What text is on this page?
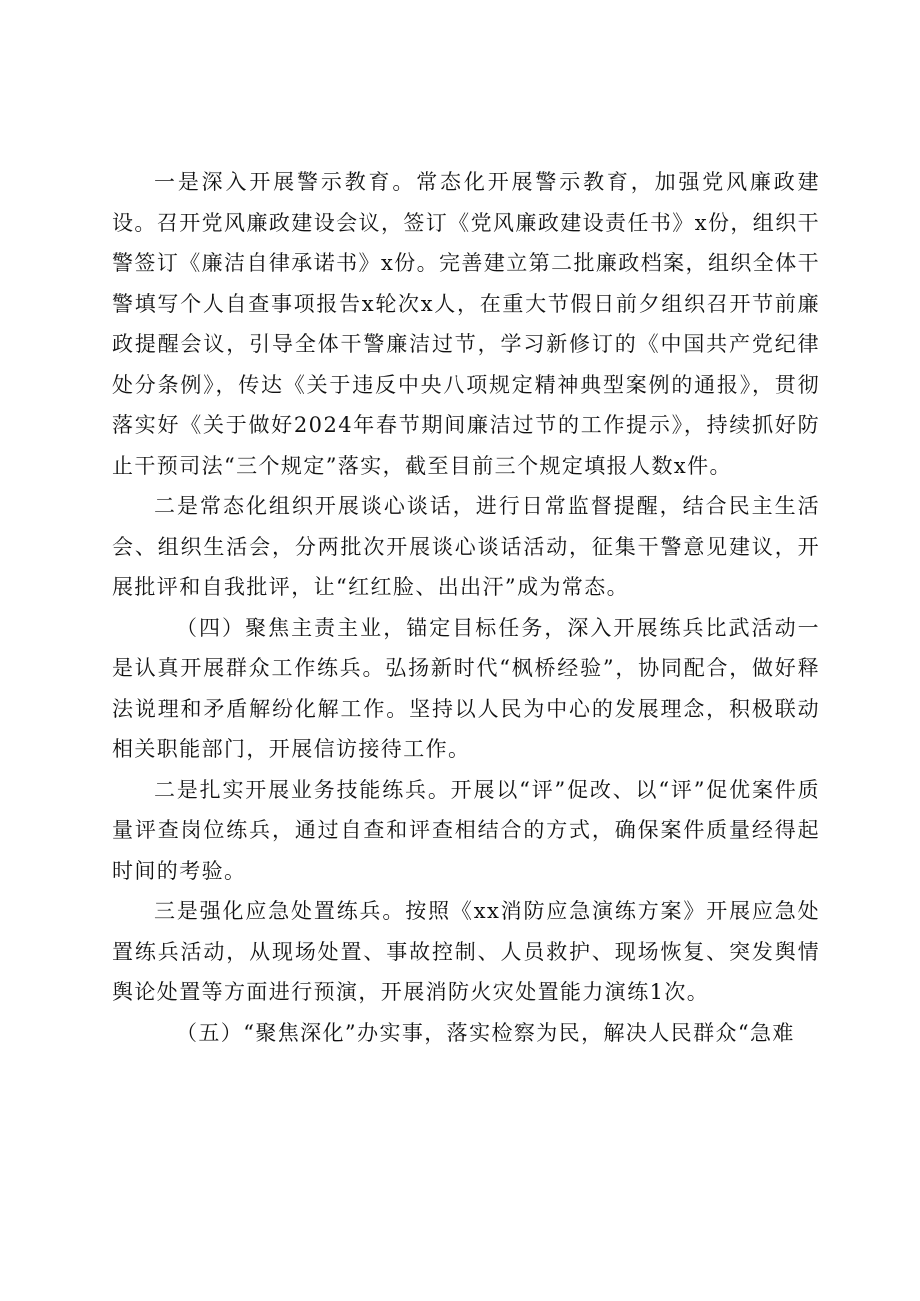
一是深入开展警示教育。常态化开展警示教育，加强党风廉政建设。召开党风廉政建设会议，签订《党风廉政建设责任书》x份，组织干警签订《廉洁自律承诺书》x份。完善建立第二批廉政档案，组织全体干警填写个人自查事项报告x轮次x人，在重大节假日前夕组织召开节前廉政提醒会议，引导全体干警廉洁过节，学习新修订的《中国共产党纪律处分条例》，传达《关于违反中央八项规定精神典型案例的通报》，贯彻落实好《关于做好2024年春节期间廉洁过节的工作提示》，持续抓好防止干预司法“三个规定”落实，截至目前三个规定填报人数x件。

二是常态化组织开展谈心谈话，进行日常监督提醒，结合民主生活会、组织生活会，分两批次开展谈心谈话活动，征集干警意见建议，开展批评和自我批评，让“红红脸、出出汗”成为常态。

（四）聚焦主责主业，锚定目标任务，深入开展练兵比武活动一是认真开展群众工作练兵。弘扬新时代“枫桥经验”，协同配合，做好释法说理和矛盾解纷化解工作。坚持以人民为中心的发展理念，积极联动相关职能部门，开展信访接待工作。

二是扎实开展业务技能练兵。开展以“评”促改、以“评”促优案件质量评查岗位练兵，通过自查和评查相结合的方式，确保案件质量经得起时间的考验。

三是强化应急处置练兵。按照《xx消防应急演练方案》开展应急处置练兵活动，从现场处置、事故控制、人员救护、现场恢复、突发舆情舆论处置等方面进行预演，开展消防火灾处置能力演练1次。

（五）“聚焦深化”办实事，落实检察为民，解决人民群众“急难
